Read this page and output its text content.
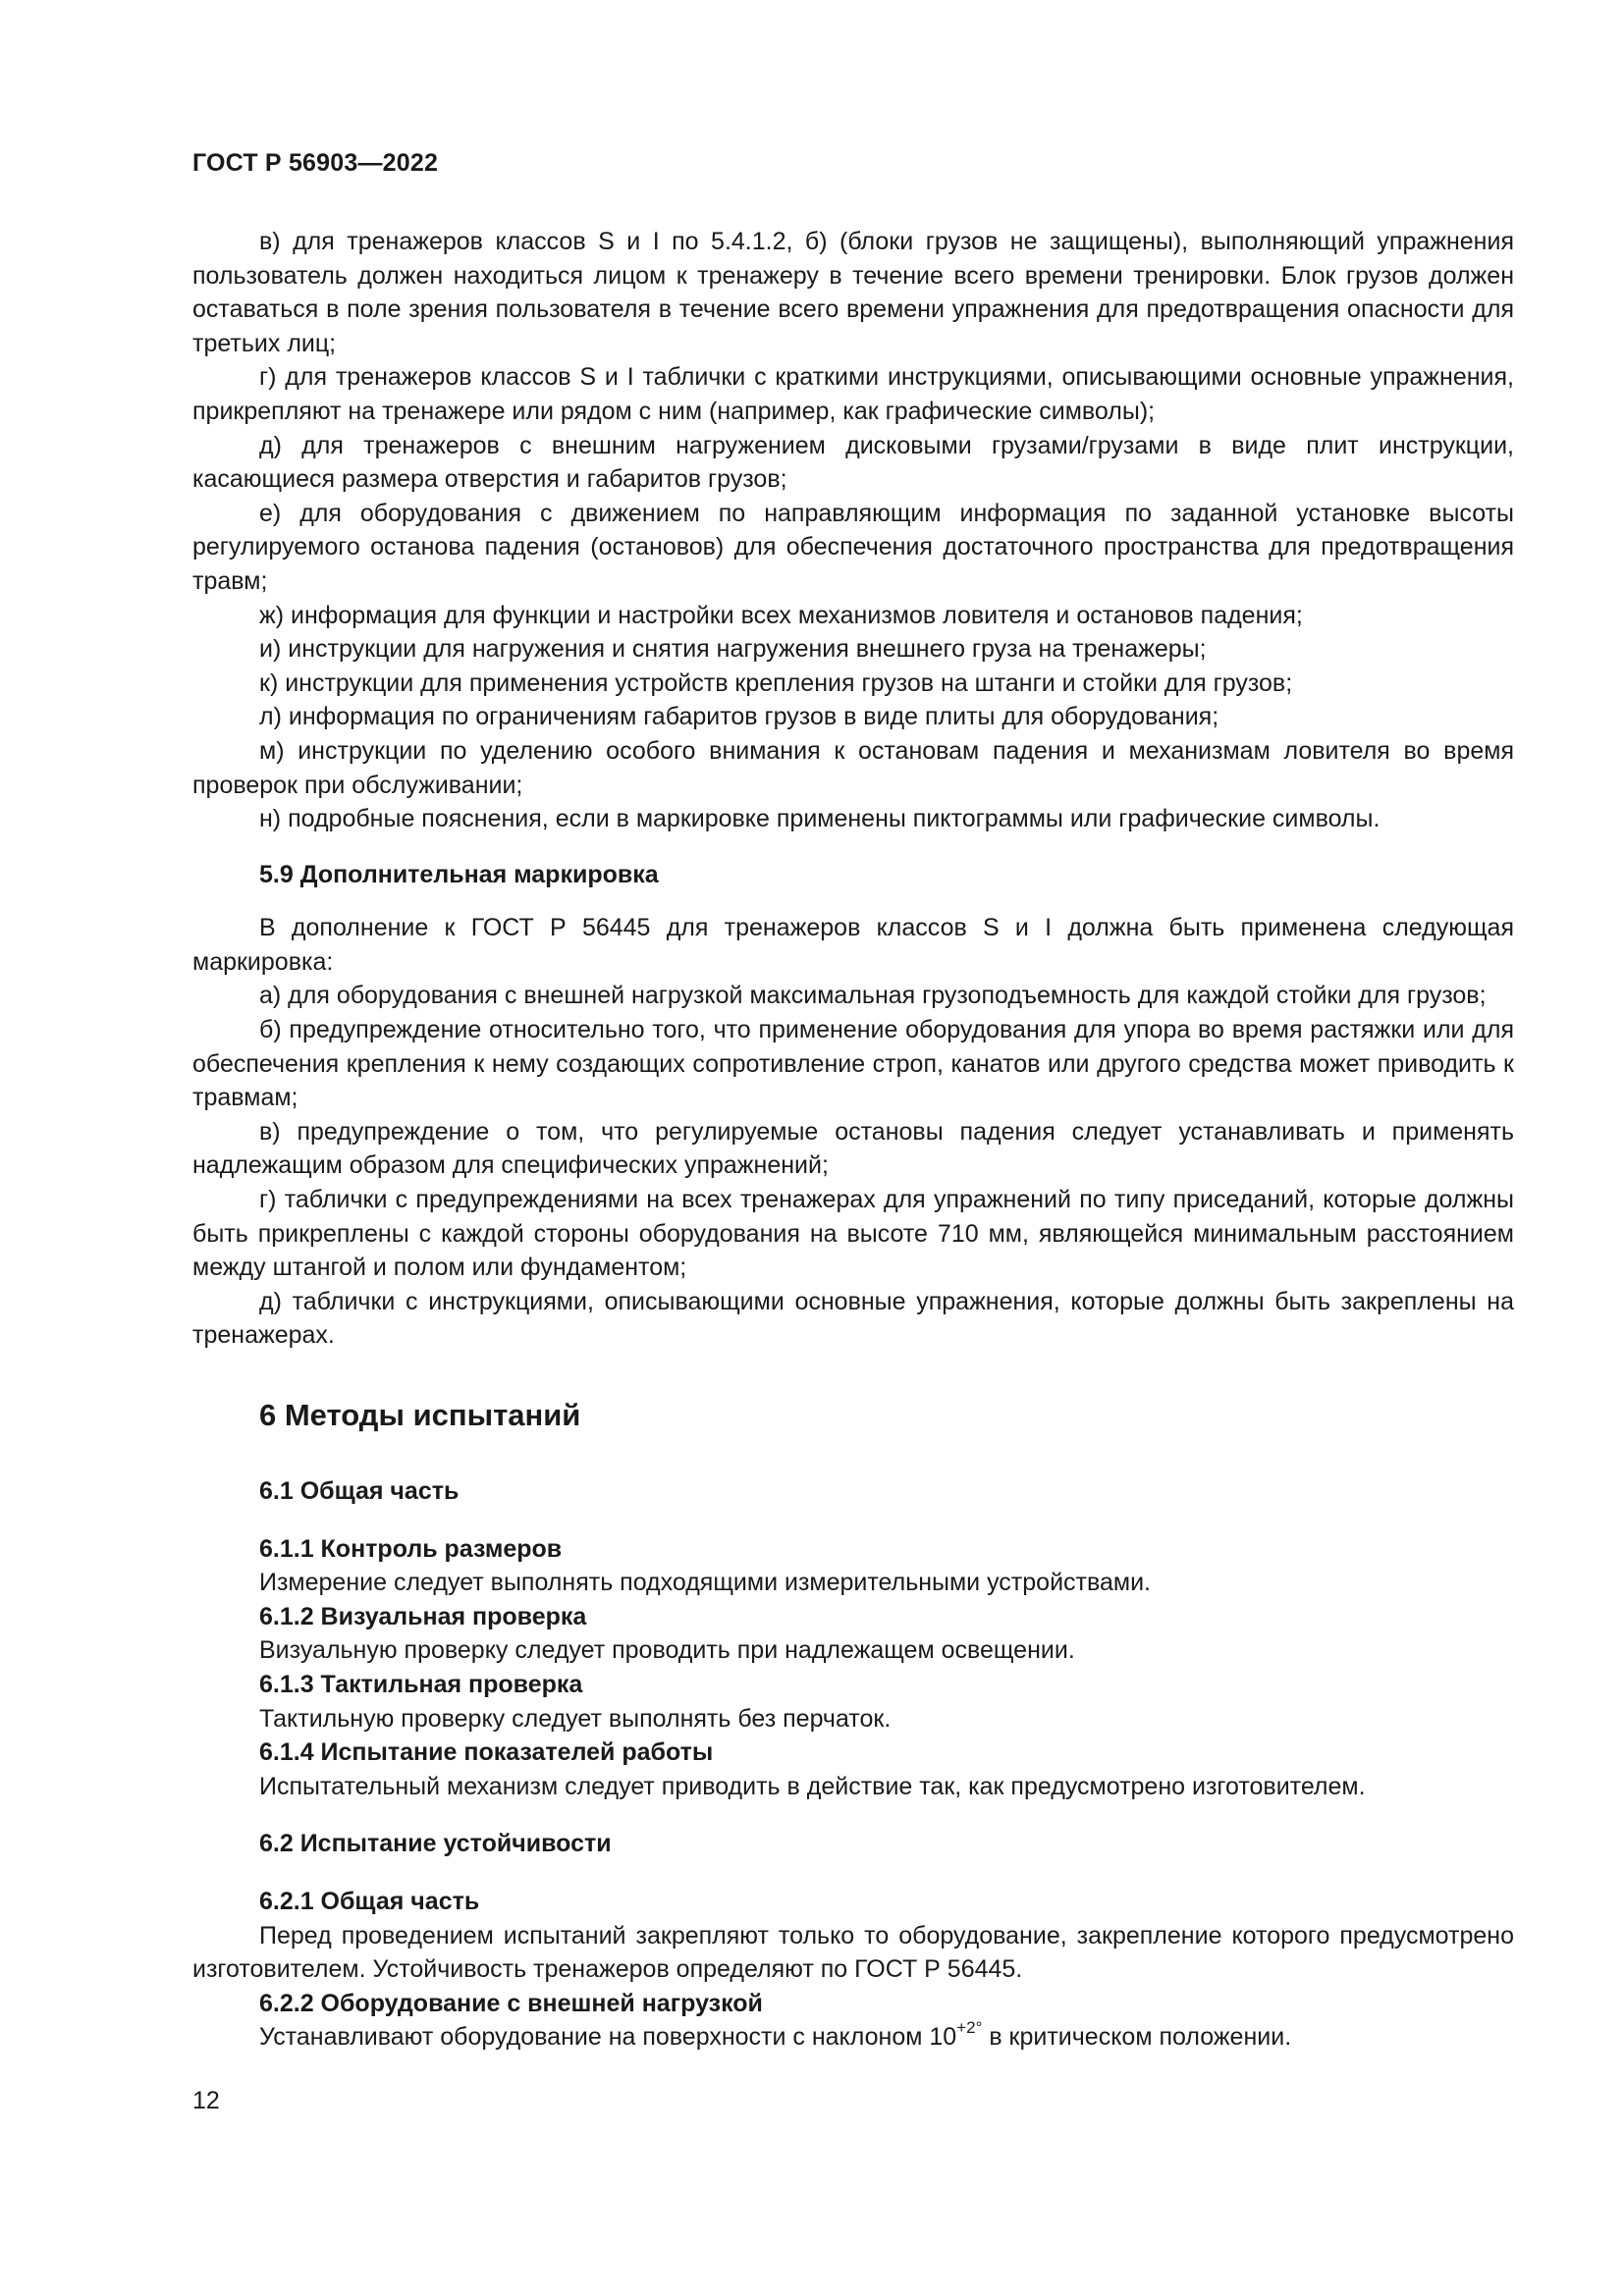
ГОСТ Р 56903—2022

в) для тренажеров классов S и I по 5.4.1.2, б) (блоки грузов не защищены), выполняющий упражнения пользователь должен находиться лицом к тренажеру в течение всего времени тренировки. Блок грузов должен оставаться в поле зрения пользователя в течение всего времени упражнения для предотвращения опасности для третьих лиц;

г) для тренажеров классов S и I таблички с краткими инструкциями, описывающими основные упражнения, прикрепляют на тренажере или рядом с ним (например, как графические символы);

д) для тренажеров с внешним нагружением дисковыми грузами/грузами в виде плит инструкции, касающиеся размера отверстия и габаритов грузов;

е) для оборудования с движением по направляющим информация по заданной установке высоты регулируемого останова падения (остановов) для обеспечения достаточного пространства для предотвращения травм;

ж) информация для функции и настройки всех механизмов ловителя и остановов падения;

и) инструкции для нагружения и снятия нагружения внешнего груза на тренажеры;

к) инструкции для применения устройств крепления грузов на штанги и стойки для грузов;

л) информация по ограничениям габаритов грузов в виде плиты для оборудования;

м) инструкции по уделению особого внимания к остановам падения и механизмам ловителя во время проверок при обслуживании;

н) подробные пояснения, если в маркировке применены пиктограммы или графические символы.

5.9 Дополнительная маркировка

В дополнение к ГОСТ Р 56445 для тренажеров классов S и I должна быть применена следующая маркировка:

а) для оборудования с внешней нагрузкой максимальная грузоподъемность для каждой стойки для грузов;

б) предупреждение относительно того, что применение оборудования для упора во время растяжки или для обеспечения крепления к нему создающих сопротивление строп, канатов или другого средства может приводить к травмам;

в) предупреждение о том, что регулируемые остановы падения следует устанавливать и применять надлежащим образом для специфических упражнений;

г) таблички с предупреждениями на всех тренажерах для упражнений по типу приседаний, которые должны быть прикреплены с каждой стороны оборудования на высоте 710 мм, являющейся минимальным расстоянием между штангой и полом или фундаментом;

д) таблички с инструкциями, описывающими основные упражнения, которые должны быть закреплены на тренажерах.

6 Методы испытаний
6.1 Общая часть
6.1.1 Контроль размеров

Измерение следует выполнять подходящими измерительными устройствами.

6.1.2 Визуальная проверка

Визуальную проверку следует проводить при надлежащем освещении.

6.1.3 Тактильная проверка

Тактильную проверку следует выполнять без перчаток.

6.1.4 Испытание показателей работы

Испытательный механизм следует приводить в действие так, как предусмотрено изготовителем.

6.2 Испытание устойчивости
6.2.1 Общая часть

Перед проведением испытаний закрепляют только то оборудование, закрепление которого предусмотрено изготовителем. Устойчивость тренажеров определяют по ГОСТ Р 56445.

6.2.2 Оборудование с внешней нагрузкой

Устанавливают оборудование на поверхности с наклоном $10^{+2^\circ}$ в критическом положении.

12
